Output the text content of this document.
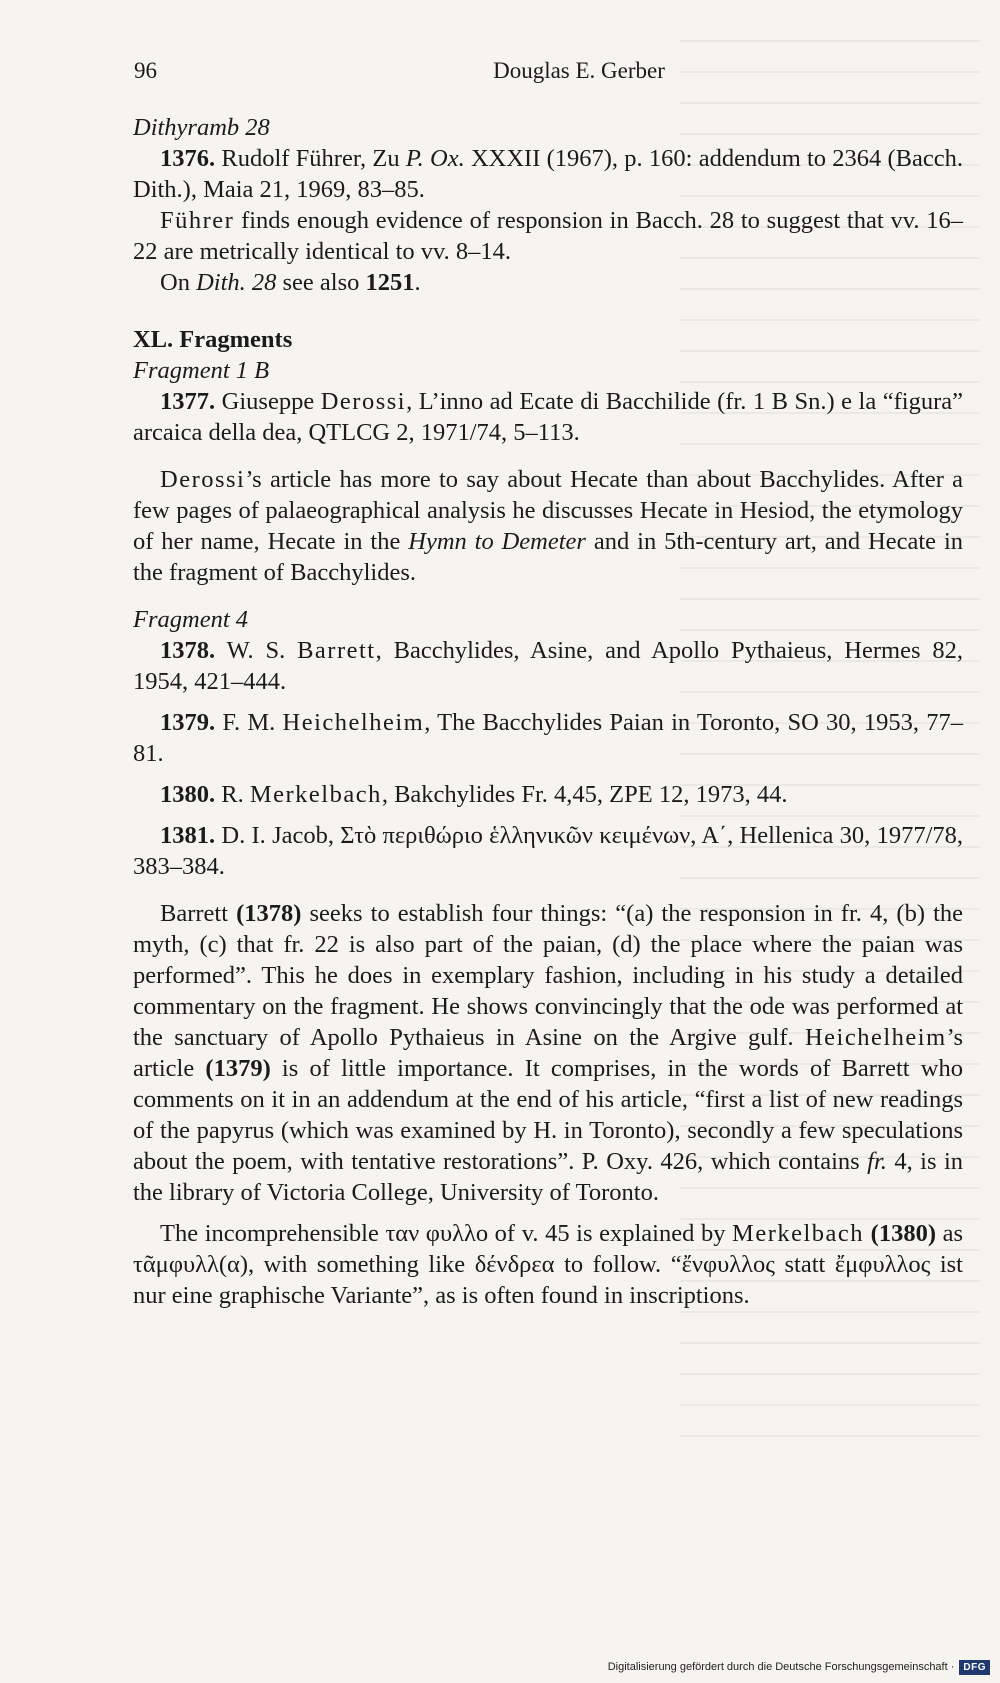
96	Douglas E. Gerber

Dithyramb 28

1376. Rudolf Führer, Zu P. Ox. XXXII (1967), p. 160: addendum to 2364 (Bacch. Dith.), Maia 21, 1969, 83–85.

Führer finds enough evidence of responsion in Bacch. 28 to suggest that vv. 16–22 are metrically identical to vv. 8–14.

On Dith. 28 see also 1251.

XL. Fragments

Fragment 1 B

1377. Giuseppe Derossi, L’inno ad Ecate di Bacchilide (fr. 1 B Sn.) e la “figura” arcaica della dea, QTLCG 2, 1971/74, 5–113.

Derossi’s article has more to say about Hecate than about Bacchylides. After a few pages of palaeographical analysis he discusses Hecate in Hesiod, the etymology of her name, Hecate in the Hymn to Demeter and in 5th-century art, and Hecate in the fragment of Bacchylides.

Fragment 4

1378. W. S. Barrett, Bacchylides, Asine, and Apollo Pythaieus, Hermes 82, 1954, 421–444.

1379. F. M. Heichelheim, The Bacchylides Paian in Toronto, SO 30, 1953, 77–81.

1380. R. Merkelbach, Bakchylides Fr. 4,45, ZPE 12, 1973, 44.

1381. D. I. Jacob, Στὸ περιθώριο ἑλληνικῶν κειμένων, Α΄, Hellenica 30, 1977/78, 383–384.

Barrett (1378) seeks to establish four things: “(a) the responsion in fr. 4, (b) the myth, (c) that fr. 22 is also part of the paian, (d) the place where the paian was performed”. This he does in exemplary fashion, including in his study a detailed commentary on the fragment. He shows convincingly that the ode was performed at the sanctuary of Apollo Pythaieus in Asine on the Argive gulf. Heichelheim’s article (1379) is of little importance. It comprises, in the words of Barrett who comments on it in an addendum at the end of his article, “first a list of new readings of the papyrus (which was examined by H. in Toronto), secondly a few speculations about the poem, with tentative restorations”. P. Oxy. 426, which contains fr. 4, is in the library of Victoria College, University of Toronto.

The incomprehensible ταν φυλλο of v. 45 is explained by Merkelbach (1380) as τᾶμφυλλ(α), with something like δένδρεα to follow. “ἔνφυλλος statt ἔμφυλλος ist nur eine graphische Variante”, as is often found in inscriptions.

Digitalisierung gefördert durch die Deutsche Forschungsgemeinschaft · DFG
